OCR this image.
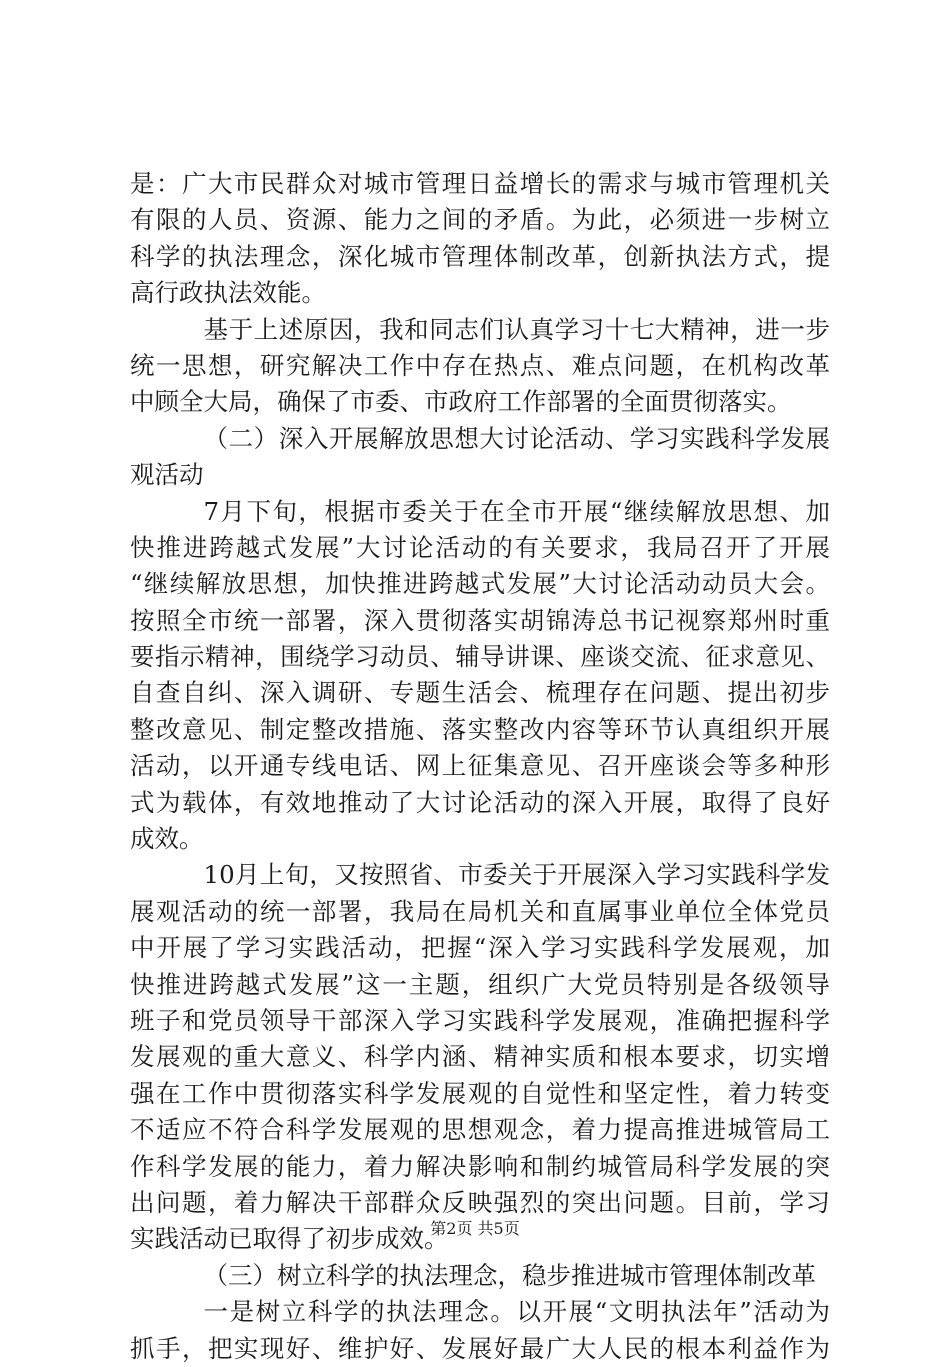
是：广大市民群众对城市管理日益增长的需求与城市管理机关
有限的人员、资源、能力之间的矛盾。为此，必须进一步树立
科学的执法理念，深化城市管理体制改革，创新执法方式，提
高行政执法效能。
基于上述原因，我和同志们认真学习十七大精神，进一步
统一思想，研究解决工作中存在热点、难点问题，在机构改革
中顾全大局，确保了市委、市政府工作部署的全面贯彻落实。
（二）深入开展解放思想大讨论活动、学习实践科学发展
观活动
7月下旬，根据市委关于在全市开展“继续解放思想、加
快推进跨越式发展”大讨论活动的有关要求，我局召开了开展
“继续解放思想，加快推进跨越式发展”大讨论活动动员大会。
按照全市统一部署，深入贯彻落实胡锦涛总书记视察郑州时重
要指示精神，围绕学习动员、辅导讲课、座谈交流、征求意见、
自查自纠、深入调研、专题生活会、梳理存在问题、提出初步
整改意见、制定整改措施、落实整改内容等环节认真组织开展
活动，以开通专线电话、网上征集意见、召开座谈会等多种形
式为载体，有效地推动了大讨论活动的深入开展，取得了良好
成效。
10月上旬，又按照省、市委关于开展深入学习实践科学发
展观活动的统一部署，我局在局机关和直属事业单位全体党员
中开展了学习实践活动，把握“深入学习实践科学发展观，加
快推进跨越式发展”这一主题，组织广大党员特别是各级领导
班子和党员领导干部深入学习实践科学发展观，准确把握科学
发展观的重大意义、科学内涵、精神实质和根本要求，切实增
强在工作中贯彻落实科学发展观的自觉性和坚定性，着力转变
不适应不符合科学发展观的思想观念，着力提高推进城管局工
作科学发展的能力，着力解决影响和制约城管局科学发展的突
出问题，着力解决干部群众反映强烈的突出问题。目前，学习
实践活动已取得了初步成效。
（三）树立科学的执法理念，稳步推进城市管理体制改革
一是树立科学的执法理念。以开展“文明执法年”活动为
抓手，把实现好、维护好、发展好最广大人民的根本利益作为
第2页 共5页
